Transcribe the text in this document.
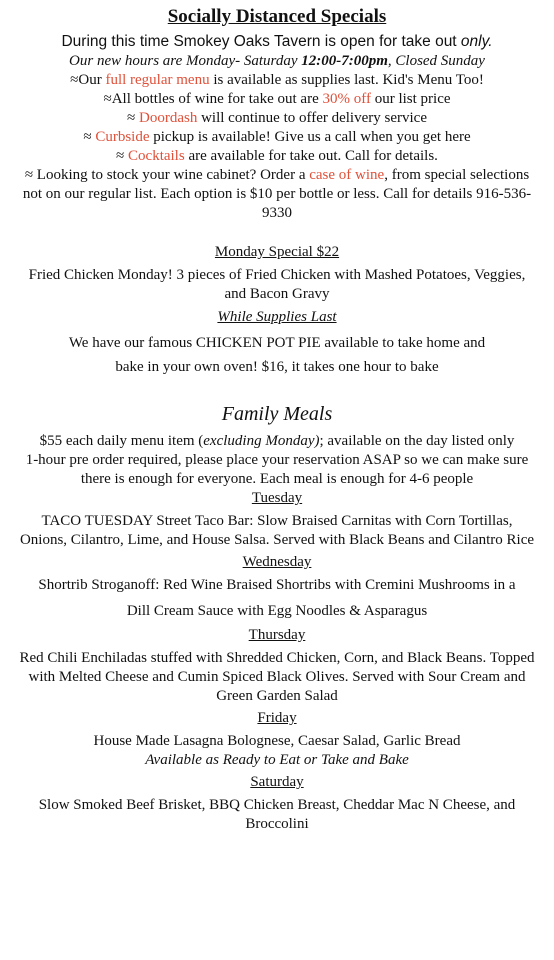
Socially Distanced Specials

During this time Smokey Oaks Tavern is open for take out only.

Our new hours are Monday- Saturday 12:00-7:00pm, Closed Sunday

≈Our full regular menu is available as supplies last. Kid's Menu Too!

≈All bottles of wine for take out are 30% off our list price

≈ Doordash will continue to offer delivery service

≈ Curbside pickup is available! Give us a call when you get here

≈ Cocktails are available for take out. Call for details.

≈ Looking to stock your wine cabinet? Order a case of wine, from special selections not on our regular list. Each option is $10 per bottle or less. Call for details 916-536-9330

Monday Special $22

Fried Chicken Monday! 3 pieces of Fried Chicken with Mashed Potatoes, Veggies, and Bacon Gravy

While Supplies Last

We have our famous CHICKEN POT PIE available to take home and

bake in your own oven! $16, it takes one hour to bake

Family Meals

$55 each daily menu item (excluding Monday); available on the day listed only

1-hour pre order required, please place your reservation ASAP so we can make sure there is enough for everyone. Each meal is enough for 4-6 people

Tuesday

TACO TUESDAY Street Taco Bar: Slow Braised Carnitas with Corn Tortillas, Onions, Cilantro, Lime, and House Salsa. Served with Black Beans and Cilantro Rice

Wednesday

Shortrib Stroganoff: Red Wine Braised Shortribs with Cremini Mushrooms in a

Dill Cream Sauce with Egg Noodles & Asparagus

Thursday

Red Chili Enchiladas stuffed with Shredded Chicken, Corn, and Black Beans. Topped with Melted Cheese and Cumin Spiced Black Olives. Served with Sour Cream and Green Garden Salad

Friday

House Made Lasagna Bolognese, Caesar Salad, Garlic Bread

Available as Ready to Eat or Take and Bake

Saturday

Slow Smoked Beef Brisket, BBQ Chicken Breast, Cheddar Mac N Cheese, and Broccolini
